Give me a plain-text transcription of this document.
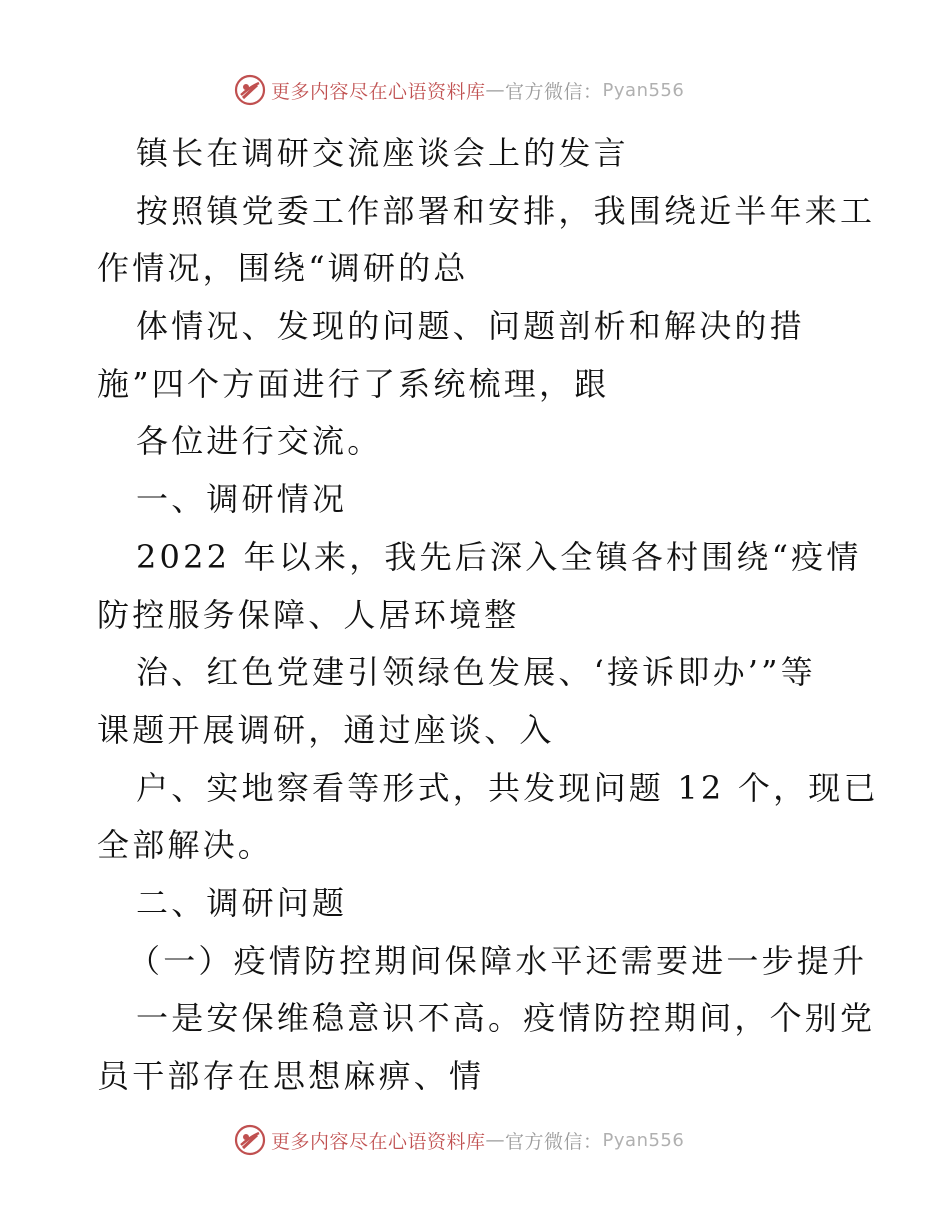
更多内容尽在心语资料库 — 官方微信： Pyan556
镇长在调研交流座谈会上的发言
按照镇党委工作部署和安排，我围绕近半年来工
作情况，围绕“调研的总
体情况、发现的问题、问题剖析和解决的措
施”四个方面进行了系统梳理，跟
各位进行交流。
一、调研情况
2022 年以来，我先后深入全镇各村围绕“疫情
防控服务保障、人居环境整
治、红色党建引领绿色发展、‘接诉即办’”等
课题开展调研，通过座谈、入
户、实地察看等形式，共发现问题 12 个，现已
全部解决。
二、调研问题
（一）疫情防控期间保障水平还需要进一步提升
一是安保维稳意识不高。疫情防控期间，个别党
员干部存在思想麻痹、情
更多内容尽在心语资料库 — 官方微信： Pyan556
